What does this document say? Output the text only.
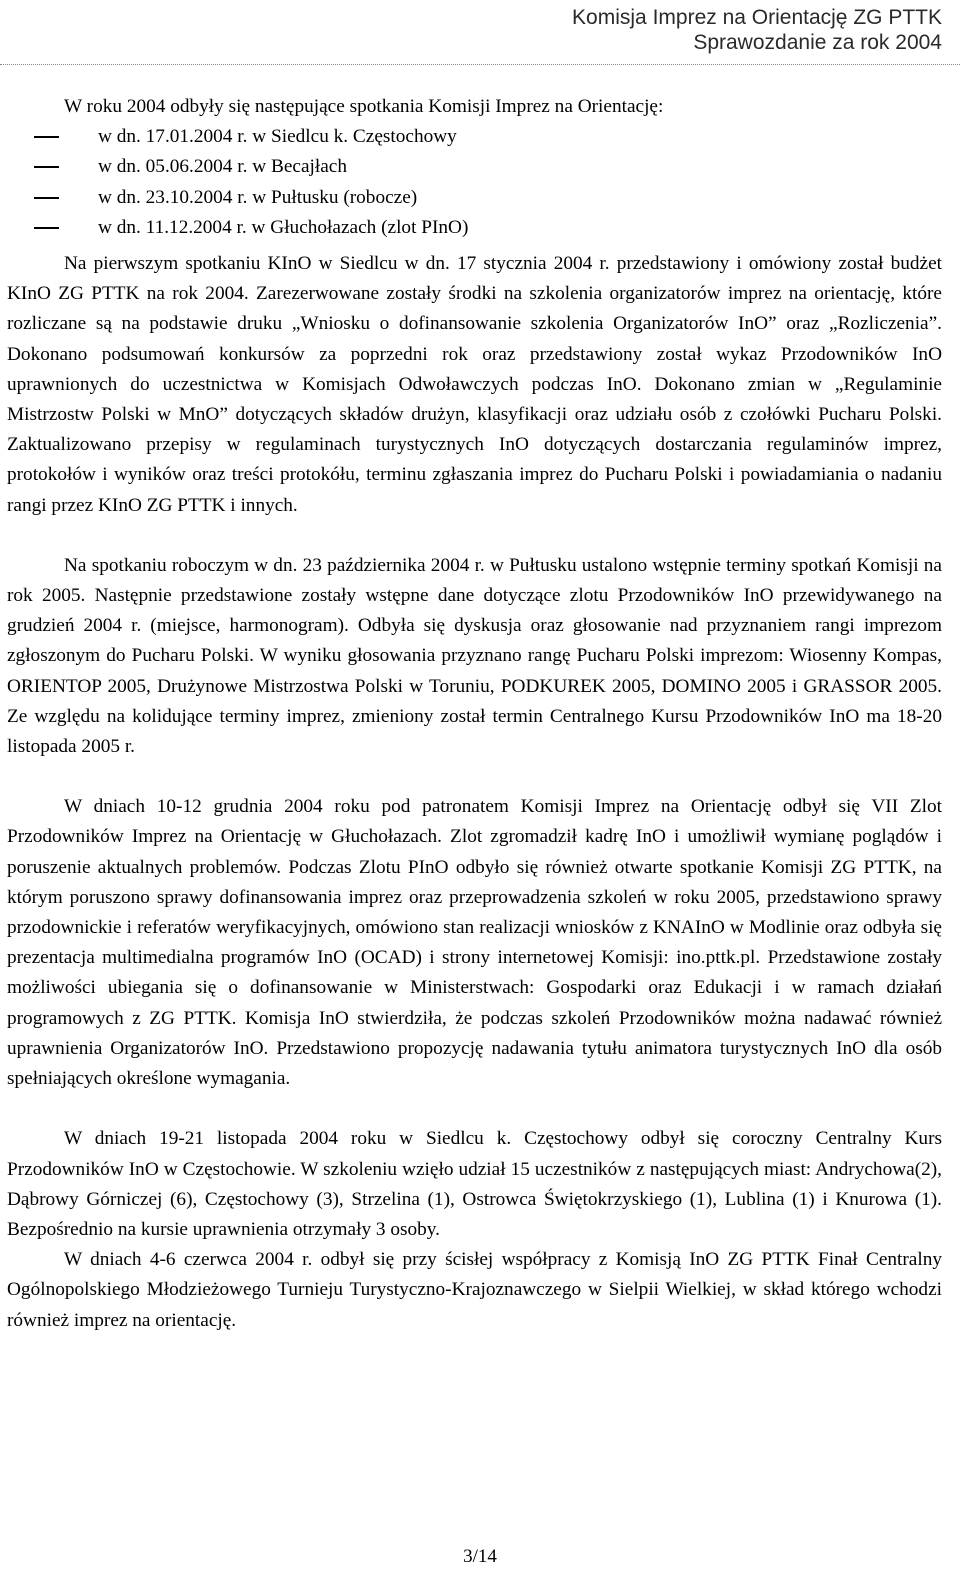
Komisja Imprez na Orientację ZG PTTK
Sprawozdanie za rok 2004

W roku 2004 odbyły się następujące spotkania Komisji Imprez na Orientację:

w dn. 17.01.2004 r. w Siedlcu k. Częstochowy
w dn. 05.06.2004 r. w Becajłach
w dn. 23.10.2004 r. w Pułtusku (robocze)
w dn. 11.12.2004 r. w Głuchołazach (zlot PInO)

Na pierwszym spotkaniu KInO w Siedlcu w dn. 17 stycznia 2004 r. przedstawiony i omówiony został budżet KInO ZG PTTK na rok 2004. Zarezerwowane zostały środki na szkolenia organizatorów imprez na orientację, które rozliczane są na podstawie druku „Wniosku o dofinansowanie szkolenia Organizatorów InO” oraz „Rozliczenia”. Dokonano podsumowań konkursów za poprzedni rok oraz przedstawiony został wykaz Przodowników InO uprawnionych do uczestnictwa w Komisjach Odwoławczych podczas InO. Dokonano zmian w „Regulaminie Mistrzostw Polski w MnO” dotyczących składów drużyn, klasyfikacji oraz udziału osób z czołówki Pucharu Polski. Zaktualizowano przepisy w regulaminach turystycznych InO dotyczących dostarczania regulaminów imprez, protokołów i wyników oraz treści protokółu, terminu zgłaszania imprez do Pucharu Polski i powiadamiania o nadaniu rangi przez KInO ZG PTTK i innych.

Na spotkaniu roboczym w dn. 23 października 2004 r. w Pułtusku ustalono wstępnie terminy spotkań Komisji na rok 2005. Następnie przedstawione zostały wstępne dane dotyczące zlotu Przodowników InO przewidywanego na grudzień 2004 r. (miejsce, harmonogram). Odbyła się dyskusja oraz głosowanie nad przyznaniem rangi imprezom zgłoszonym do Pucharu Polski. W wyniku głosowania przyznano rangę Pucharu Polski imprezom: Wiosenny Kompas, ORIENTOP 2005, Drużynowe Mistrzostwa Polski w Toruniu, PODKUREK 2005, DOMINO 2005 i GRASSOR 2005. Ze względu na kolidujące terminy imprez, zmieniony został termin Centralnego Kursu Przodowników InO ma 18-20 listopada 2005 r.

W dniach 10-12 grudnia 2004 roku pod patronatem Komisji Imprez na Orientację odbył się VII Zlot Przodowników Imprez na Orientację w Głuchołazach. Zlot zgromadził kadrę InO i umożliwił wymianę poglądów i poruszenie aktualnych problemów. Podczas Zlotu PInO odbyło się również otwarte spotkanie Komisji ZG PTTK, na którym poruszono sprawy dofinansowania imprez oraz przeprowadzenia szkoleń w roku 2005, przedstawiono sprawy przodownickie i referatów weryfikacyjnych, omówiono stan realizacji wniosków z KNAInO w Modlinie oraz odbyła się prezentacja multimedialna programów InO (OCAD) i strony internetowej Komisji: ino.pttk.pl. Przedstawione zostały możliwości ubiegania się o dofinansowanie w Ministerstwach: Gospodarki oraz Edukacji i w ramach działań programowych z ZG PTTK. Komisja InO stwierdziła, że podczas szkoleń Przodowników można nadawać również uprawnienia Organizatorów InO. Przedstawiono propozycję nadawania tytułu animatora turystycznych InO dla osób spełniających określone wymagania.

W dniach 19-21 listopada 2004 roku w Siedlcu k. Częstochowy odbył się coroczny Centralny Kurs Przodowników InO w Częstochowie. W szkoleniu wzięło udział 15 uczestników z następujących miast: Andrychowa(2), Dąbrowy Górniczej (6), Częstochowy (3), Strzelina (1), Ostrowca Świętokrzyskiego (1), Lublina (1) i Knurowa (1). Bezpośrednio na kursie uprawnienia otrzymały 3 osoby.

W dniach 4-6 czerwca 2004 r. odbył się przy ścisłej współpracy z Komisją InO ZG PTTK Finał Centralny Ogólnopolskiego Młodzieżowego Turnieju Turystyczno-Krajoznawczego w Sielpii Wielkiej, w skład którego wchodzi również imprez na orientację.

3/14
